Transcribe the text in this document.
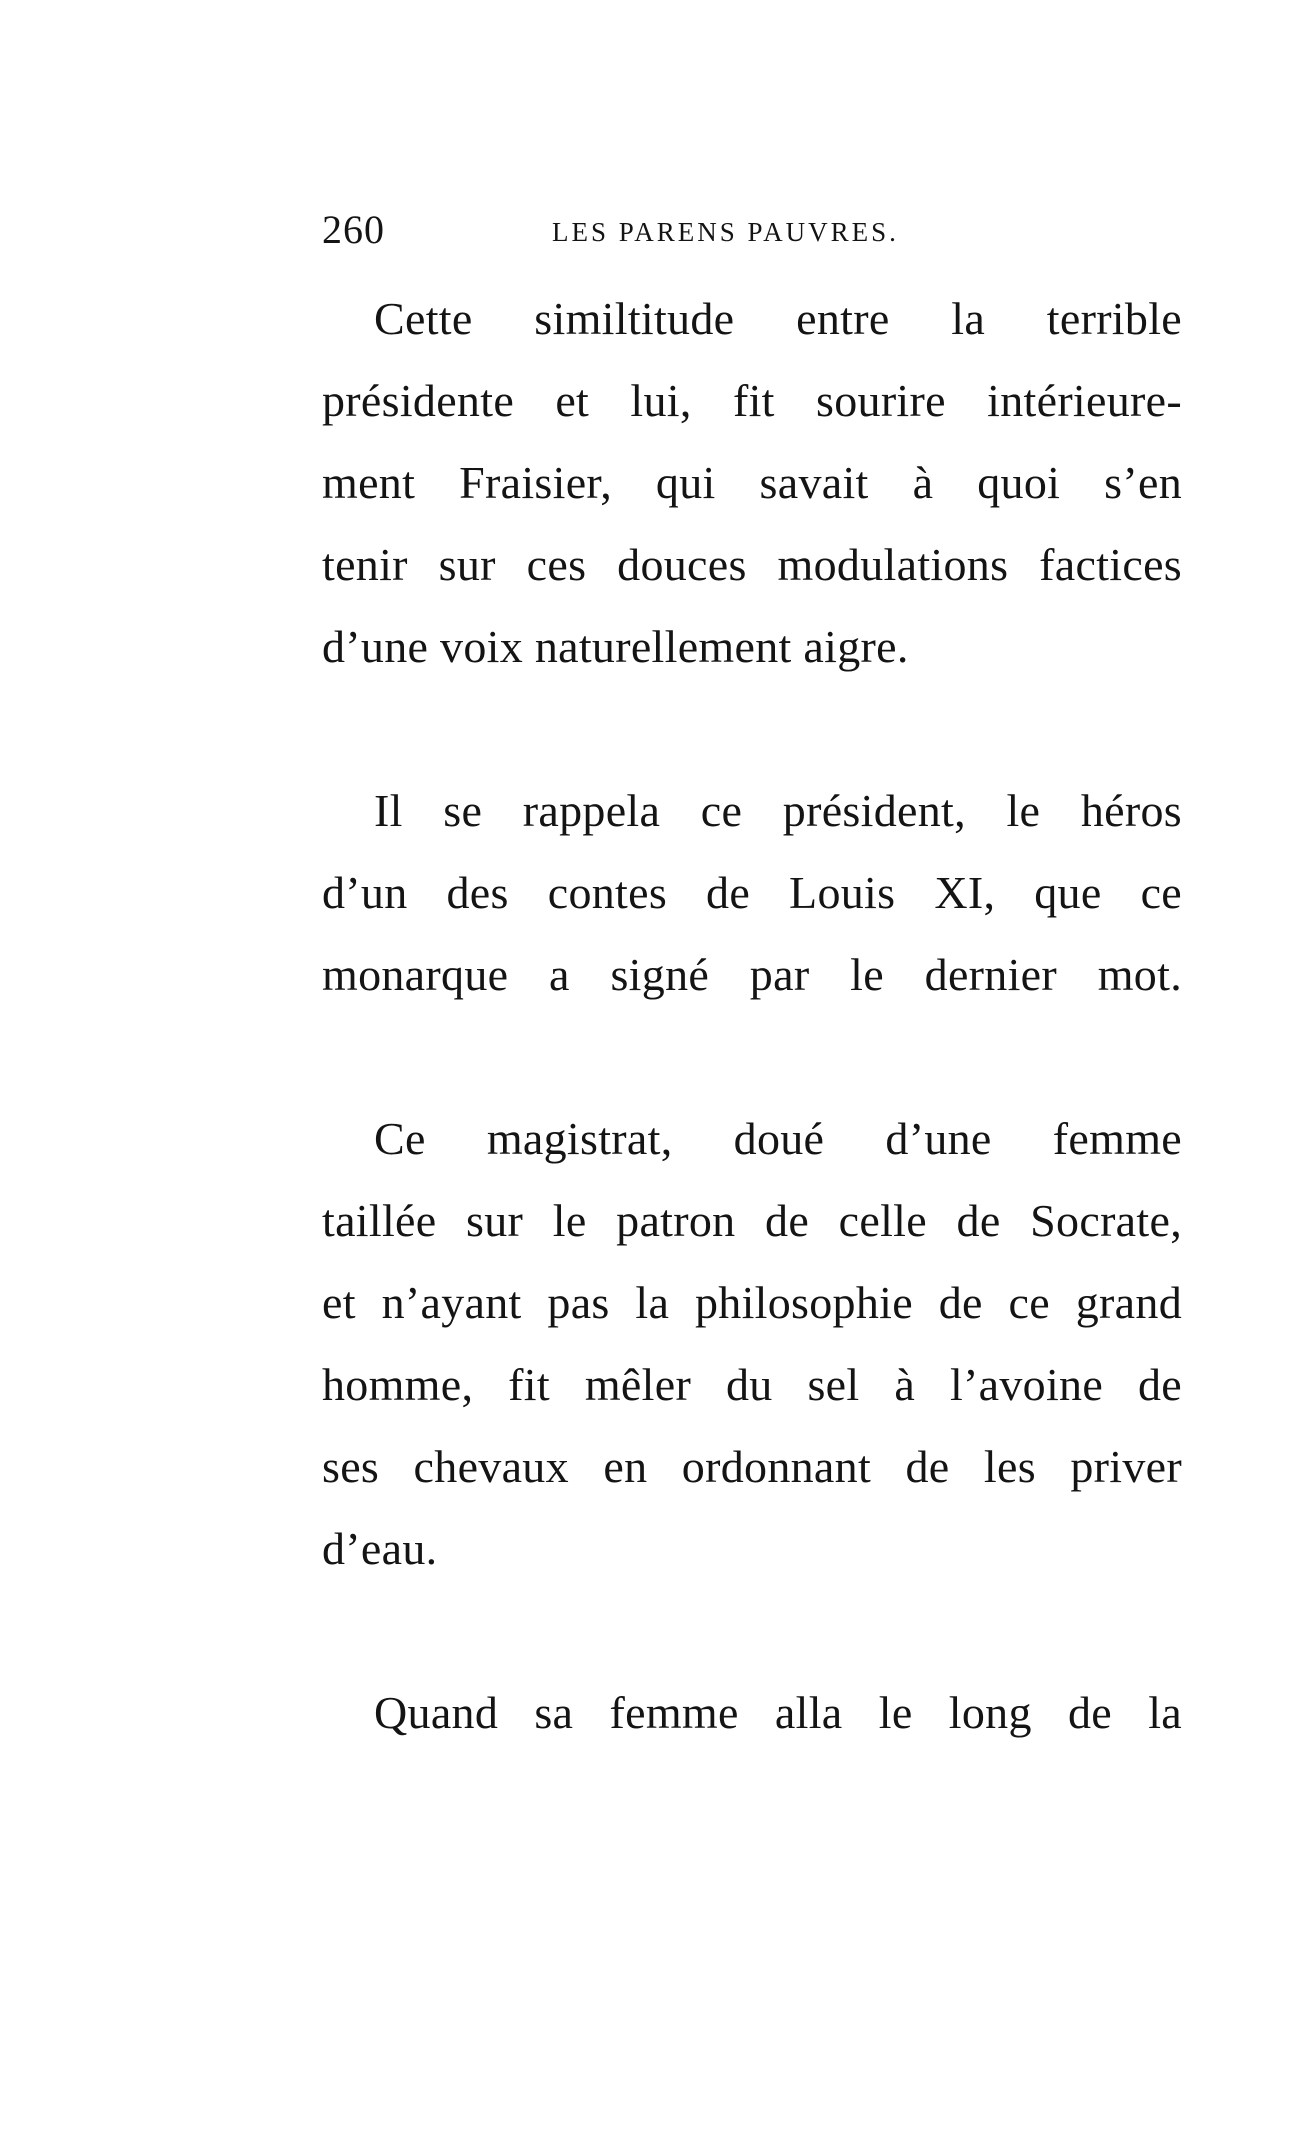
260	LES PARENS PAUVRES.

Cette similtitude entre la terrible
présidente et lui, fit sourire intérieure-
ment Fraisier, qui savait à quoi s’en
tenir sur ces douces modulations factices
d’une voix naturellement aigre.

Il se rappela ce président, le héros
d’un des contes de Louis XI, que ce
monarque a signé par le dernier mot.

Ce magistrat, doué d’une femme
taillée sur le patron de celle de Socrate,
et n’ayant pas la philosophie de ce grand
homme, fit mêler du sel à l’avoine de
ses chevaux en ordonnant de les priver
d’eau.

Quand sa femme alla le long de la
